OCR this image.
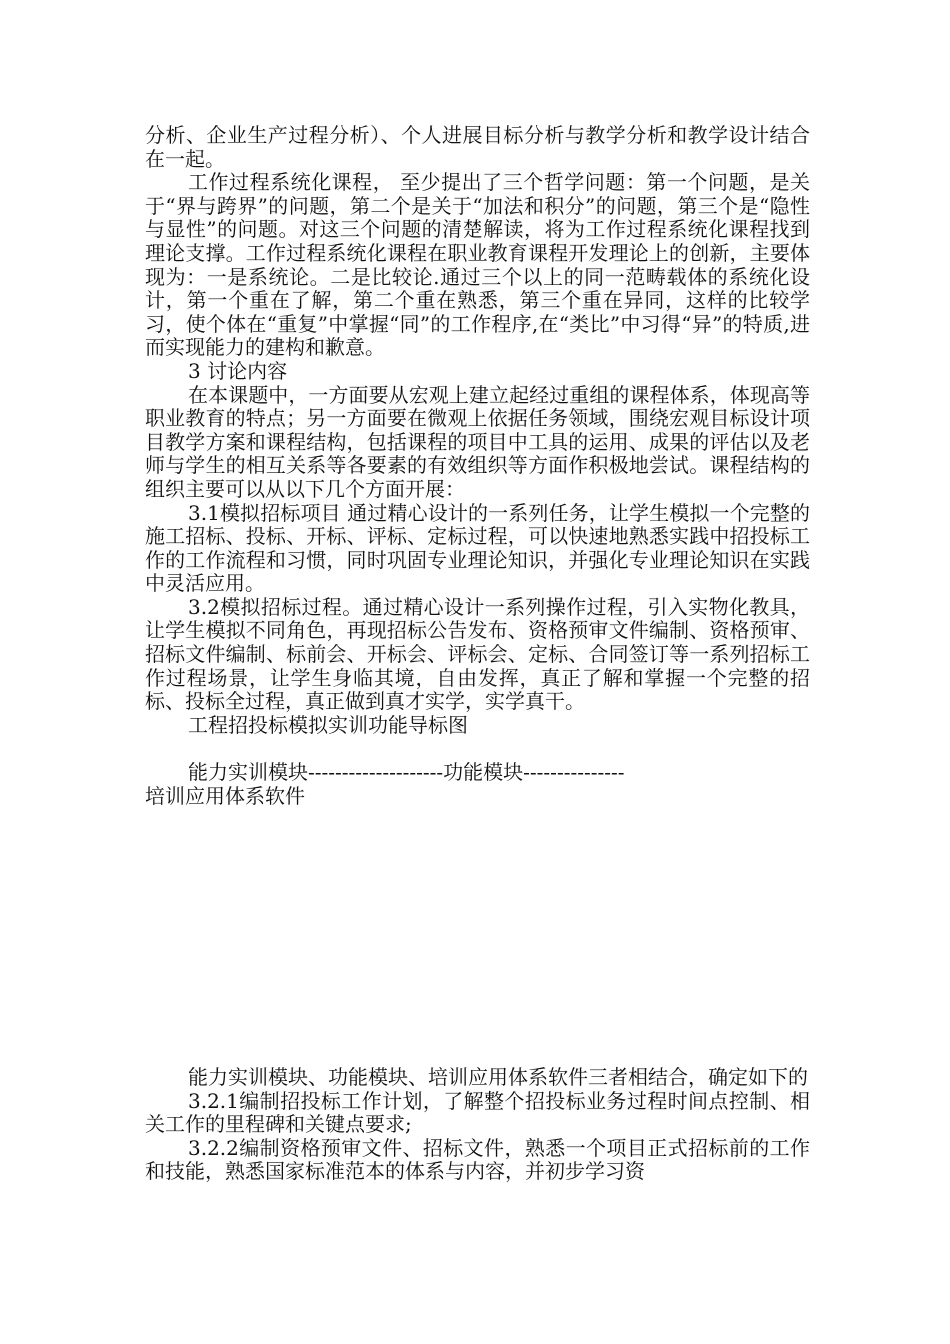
分析、企业生产过程分析）、个人进展目标分析与教学分析和教学设计结合在一起。

工作过程系统化课程， 至少提出了三个哲学问题：第一个问题，是关于“界与跨界”的问题，第二个是关于“加法和积分”的问题，第三个是“隐性与显性”的问题。对这三个问题的清楚解读，将为工作过程系统化课程找到理论支撑。工作过程系统化课程在职业教育课程开发理论上的创新，主要体现为：一是系统论。二是比较论.通过三个以上的同一范畴载体的系统化设计，第一个重在了解，第二个重在熟悉，第三个重在异同，这样的比较学习，使个体在“重复”中掌握“同”的工作程序,在“类比”中习得“异”的特质,进而实现能力的建构和歉意。

3 讨论内容

在本课题中，一方面要从宏观上建立起经过重组的课程体系，体现高等职业教育的特点；另一方面要在微观上依据任务领域，围绕宏观目标设计项目教学方案和课程结构，包括课程的项目中工具的运用、成果的评估以及老师与学生的相互关系等各要素的有效组织等方面作积极地尝试。课程结构的组织主要可以从以下几个方面开展：

3.1模拟招标项目 通过精心设计的一系列任务，让学生模拟一个完整的施工招标、投标、开标、评标、定标过程，可以快速地熟悉实践中招投标工作的工作流程和习惯，同时巩固专业理论知识，并强化专业理论知识在实践中灵活应用。

3.2模拟招标过程。通过精心设计一系列操作过程，引入实物化教具，让学生模拟不同角色，再现招标公告发布、资格预审文件编制、资格预审、招标文件编制、标前会、开标会、评标会、定标、合同签订等一系列招标工作过程场景，让学生身临其境，自由发挥，真正了解和掌握一个完整的招标、投标全过程，真正做到真才实学，实学真干。

工程招投标模拟实训功能导标图

能力实训模块--------------------功能模块---------------

培训应用体系软件

能力实训模块、功能模块、培训应用体系软件三者相结合，确定如下的

3.2.1编制招投标工作计划，了解整个招投标业务过程时间点控制、相关工作的里程碑和关键点要求;

3.2.2编制资格预审文件、招标文件，熟悉一个项目正式招标前的工作和技能，熟悉国家标准范本的体系与内容，并初步学习资
